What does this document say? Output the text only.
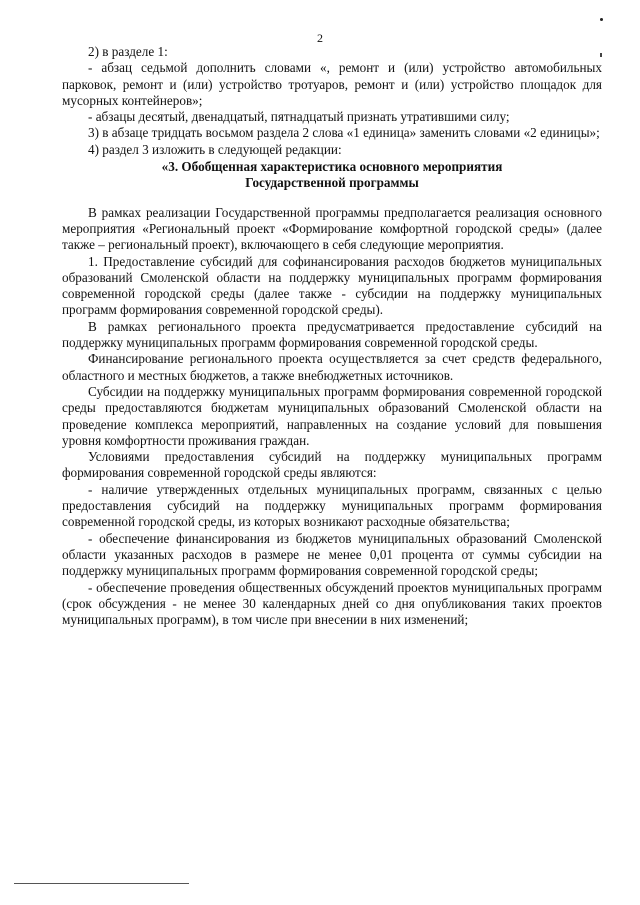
2

2) в разделе 1:

- абзац седьмой дополнить словами «, ремонт и (или) устройство автомобильных парковок, ремонт и (или) устройство тротуаров, ремонт и (или) устройство площадок для мусорных контейнеров»;

- абзацы десятый, двенадцатый, пятнадцатый признать утратившими силу;

3) в абзаце тридцать восьмом раздела 2 слова «1 единица» заменить словами «2 единицы»;

4) раздел 3 изложить в следующей редакции:

«3. Обобщенная характеристика основного мероприятия

Государственной программы

В рамках реализации Государственной программы предполагается реализация основного мероприятия «Региональный проект «Формирование комфортной городской среды» (далее также – региональный проект), включающего в себя следующие мероприятия.

1. Предоставление субсидий для софинансирования расходов бюджетов муниципальных образований Смоленской области на поддержку муниципальных программ формирования современной городской среды (далее также - субсидии на поддержку муниципальных программ формирования современной городской среды).

В рамках регионального проекта предусматривается предоставление субсидий на поддержку муниципальных программ формирования современной городской среды.

Финансирование регионального проекта осуществляется за счет средств федерального, областного и местных бюджетов, а также внебюджетных источников.

Субсидии на поддержку муниципальных программ формирования современной городской среды предоставляются бюджетам муниципальных образований Смоленской области на проведение комплекса мероприятий, направленных на создание условий для повышения уровня комфортности проживания граждан.

Условиями предоставления субсидий на поддержку муниципальных программ формирования современной городской среды являются:

- наличие утвержденных отдельных муниципальных программ, связанных с целью предоставления субсидий на поддержку муниципальных программ формирования современной городской среды, из которых возникают расходные обязательства;

- обеспечение финансирования из бюджетов муниципальных образований Смоленской области указанных расходов в размере не менее 0,01 процента от суммы субсидии на поддержку муниципальных программ формирования современной городской среды;

- обеспечение проведения общественных обсуждений проектов муниципальных программ (срок обсуждения - не менее 30 календарных дней со дня опубликования таких проектов муниципальных программ), в том числе при внесении в них изменений;
